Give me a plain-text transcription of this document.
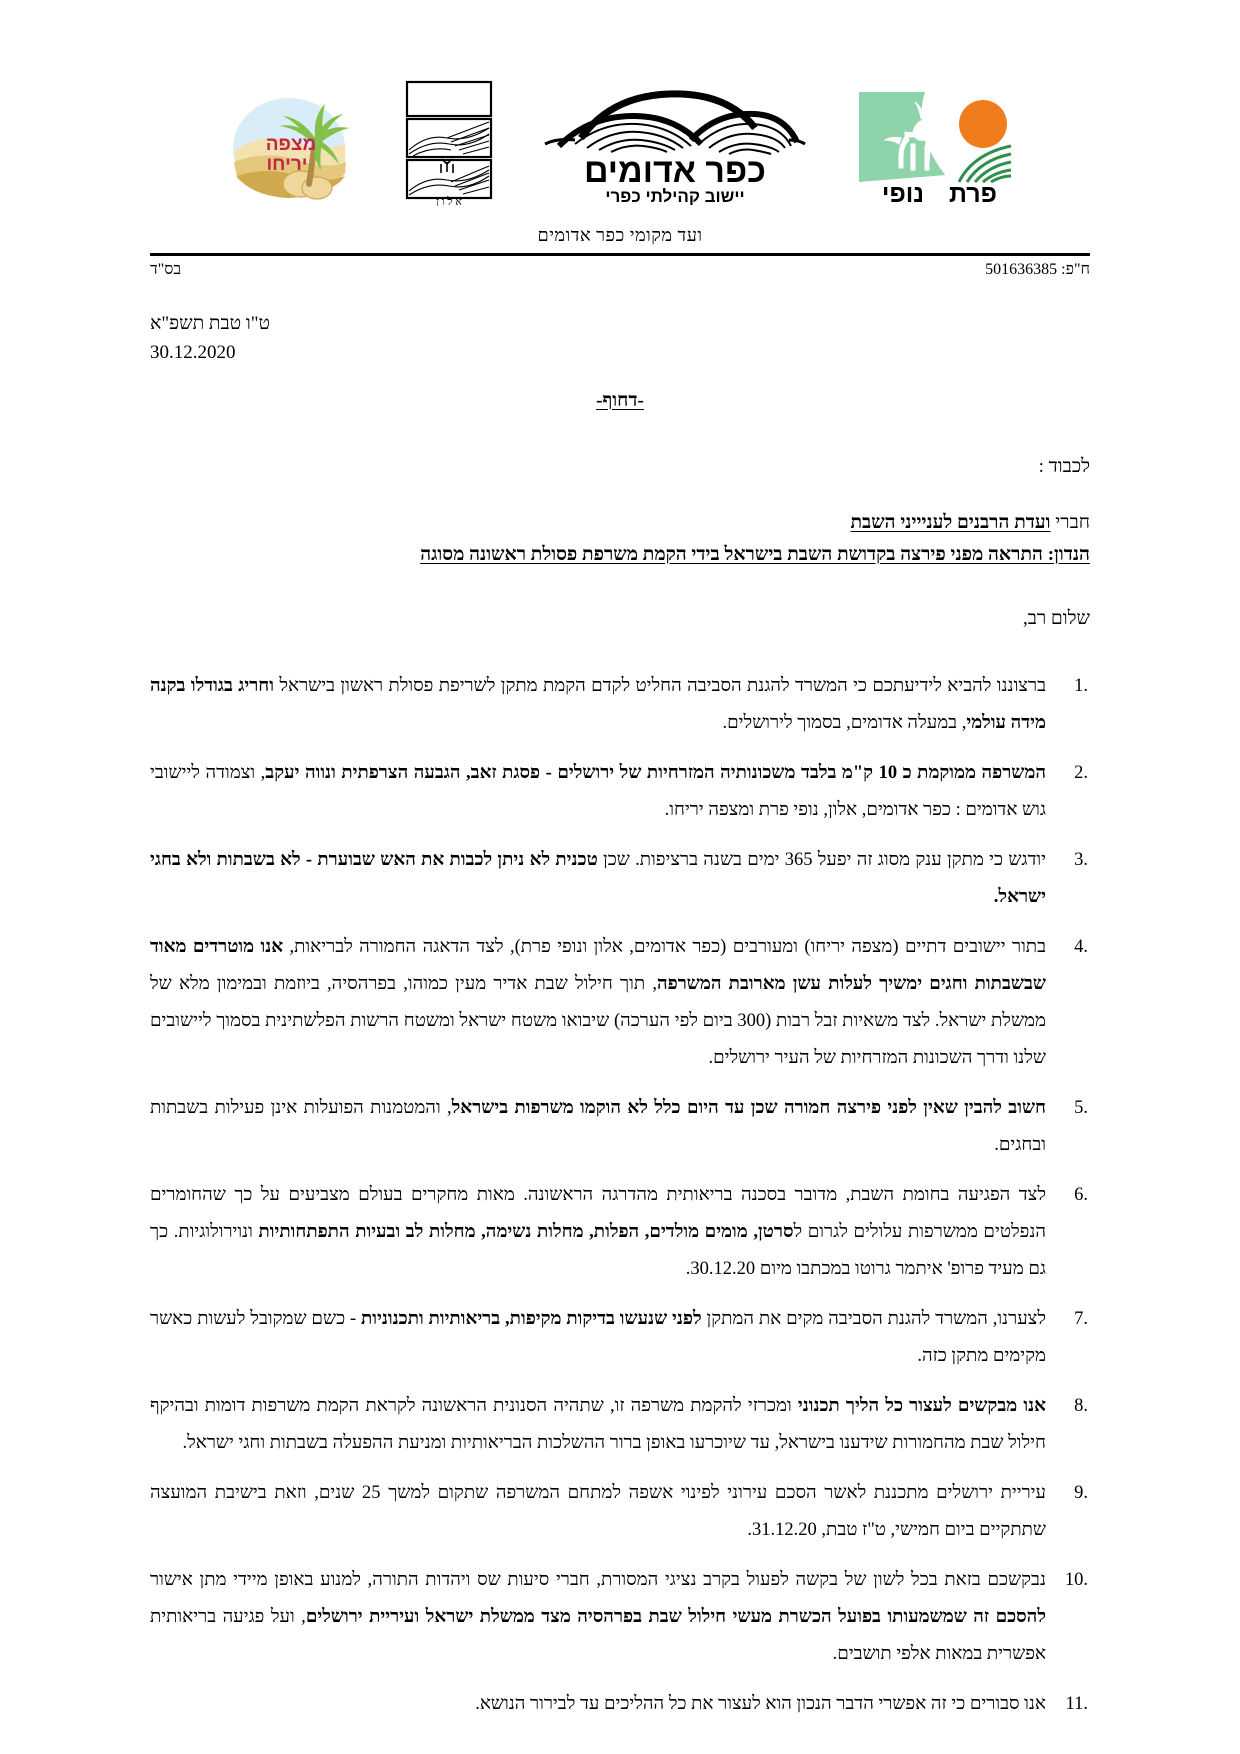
מצפה
יריחו
א ל ו ן
כפר אדומים
יישוב קהילתי כפרי	פרת
נופי
ועד מקומי כפר אדומים
ח"פ: 501636385
בס"ד
ט"ו טבת תשפ"א
30.12.2020
-דחוף-
לכבוד :
חברי ועדת הרבנים לעניייני השבת
הנדון: התראה מפני פירצה בקדושת השבת בישראל בידי הקמת משרפת פסולת ראשונה מסוגה
שלום רב,
ברצוננו להביא לידיעתכם כי המשרד להגנת הסביבה החליט לקדם הקמת מתקן לשריפת פסולת ראשון בישראל וחריג בגודלו בקנה מידה עולמי, במעלה אדומים, בסמוך לירושלים.
המשרפה ממוקמת כ 10 ק"מ בלבד משכונותיה המזרחיות של ירושלים - פסגת זאב, הגבעה הצרפתית ונווה יעקב, וצמודה ליישובי גוש אדומים : כפר אדומים, אלון, נופי פרת ומצפה יריחו.
יודגש כי מתקן ענק מסוג זה יפעל 365 ימים בשנה ברציפות. שכן טכנית לא ניתן לכבות את האש שבוערת - לא בשבתות ולא בחגי ישראל.
בתור יישובים דתיים (מצפה יריחו) ומעורבים (כפר אדומים, אלון ונופי פרת), לצד הדאגה החמורה לבריאות, אנו מוטרדים מאוד שבשבתות וחגים ימשיך לעלות עשן מארובת המשרפה, תוך חילול שבת אדיר מעין כמוהו, בפרהסיה, ביוזמת ובמימון מלא של ממשלת ישראל. לצד משאיות זבל רבות (300 ביום לפי הערכה) שיבואו משטח ישראל ומשטח הרשות הפלשתינית בסמוך ליישובים שלנו ודרך השכונות המזרחיות של העיר ירושלים.
חשוב להבין שאין לפני פירצה חמורה שכן עד היום כלל לא הוקמו משרפות בישראל, והמטמנות הפועלות אינן פעילות בשבתות ובחגים.
לצד הפגיעה בחומת השבת, מדובר בסכנה בריאותית מהדרגה הראשונה. מאות מחקרים בעולם מצביעים על כך שהחומרים הנפלטים ממשרפות עלולים לגרום לסרטן, מומים מולדים, הפלות, מחלות נשימה, מחלות לב ובעיות התפתחותיות ונוירולוגיות. כך גם מעיד פרופ' איתמר גרוטו במכתבו מיום 30.12.20.
לצערנו, המשרד להגנת הסביבה מקים את המתקן לפני שנעשו בדיקות מקיפות, בריאותיות ותכנוניות - כשם שמקובל לעשות כאשר מקימים מתקן כזה.
אנו מבקשים לעצור כל הליך תכנוני ומכרזי להקמת משרפה זו, שתהיה הסנונית הראשונה לקראת הקמת משרפות דומות ובהיקף חילול שבת מהחמורות שידענו בישראל, עד שיוכרעו באופן ברור ההשלכות הבריאותיות ומניעת ההפעלה בשבתות וחגי ישראל.
עיריית ירושלים מתכננת לאשר הסכם עירוני לפינוי אשפה למתחם המשרפה שתקום למשך 25 שנים, וזאת בישיבת המועצה שתתקיים ביום חמישי, ט"ז טבת, 31.12.20.
נבקשכם בזאת בכל לשון של בקשה לפעול בקרב נציגי המסורת, חברי סיעות שס ויהדות התורה, למנוע באופן מיידי מתן אישור להסכם זה שמשמעותו בפועל הכשרת מעשי חילול שבת בפרהסיה מצד ממשלת ישראל ועיריית ירושלים, ועל פגיעה בריאותית אפשרית במאות אלפי תושבים.
אנו סבורים כי זה אפשרי הדבר הנכון הוא לעצור את כל ההליכים עד לבירור הנושא.
